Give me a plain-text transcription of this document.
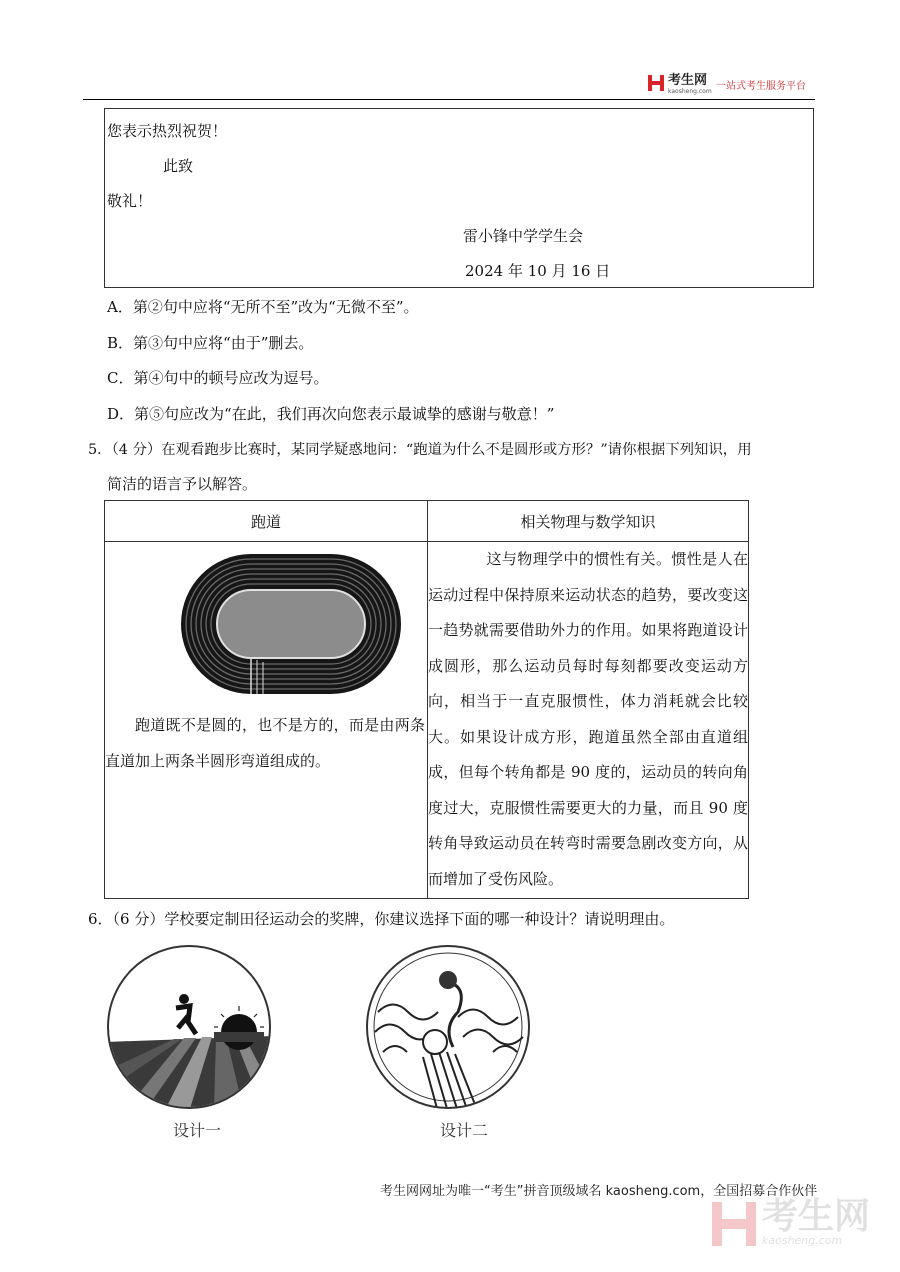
考生网
kaosheng.com 一站式考生服务平台
您表示热烈祝贺！
此致
敬礼！
雷小锋中学学生会
2024 年 10 月 16 日
A．第②句中应将“无所不至”改为“无微不至”。
B．第③句中应将“由于”删去。
C．第④句中的顿号应改为逗号。
D．第⑤句应改为“在此，我们再次向您表示最诚挚的感谢与敬意！”
5．（4 分）在观看跑步比赛时，某同学疑惑地问：“跑道为什么不是圆形或方形？”请你根据下列知识，用
简洁的语言予以解答。
跑道	相关物理与数学知识

跑道既不是圆的，也不是方的，而是由两条直道加上两条半圆形弯道组成的。	这与物理学中的惯性有关。惯性是人在运动过程中保持原来运动状态的趋势，要改变这一趋势就需要借助外力的作用。如果将跑道设计成圆形，那么运动员每时每刻都要改变运动方向，相当于一直克服惯性，体力消耗就会比较大。如果设计成方形，跑道虽然全部由直道组成，但每个转角都是 90 度的，运动员的转向角度过大，克服惯性需要更大的力量，而且 90 度转角导致运动员在转弯时需要急剧改变方向，从而增加了受伤风险。
6．（6 分）学校要定制田径运动会的奖牌，你建议选择下面的哪一种设计？请说明理由。
设计一	设计二
考生网网址为唯一“考生”拼音顶级域名 kaosheng.com，全国招募合作伙伴
考生网
kaosheng.com
